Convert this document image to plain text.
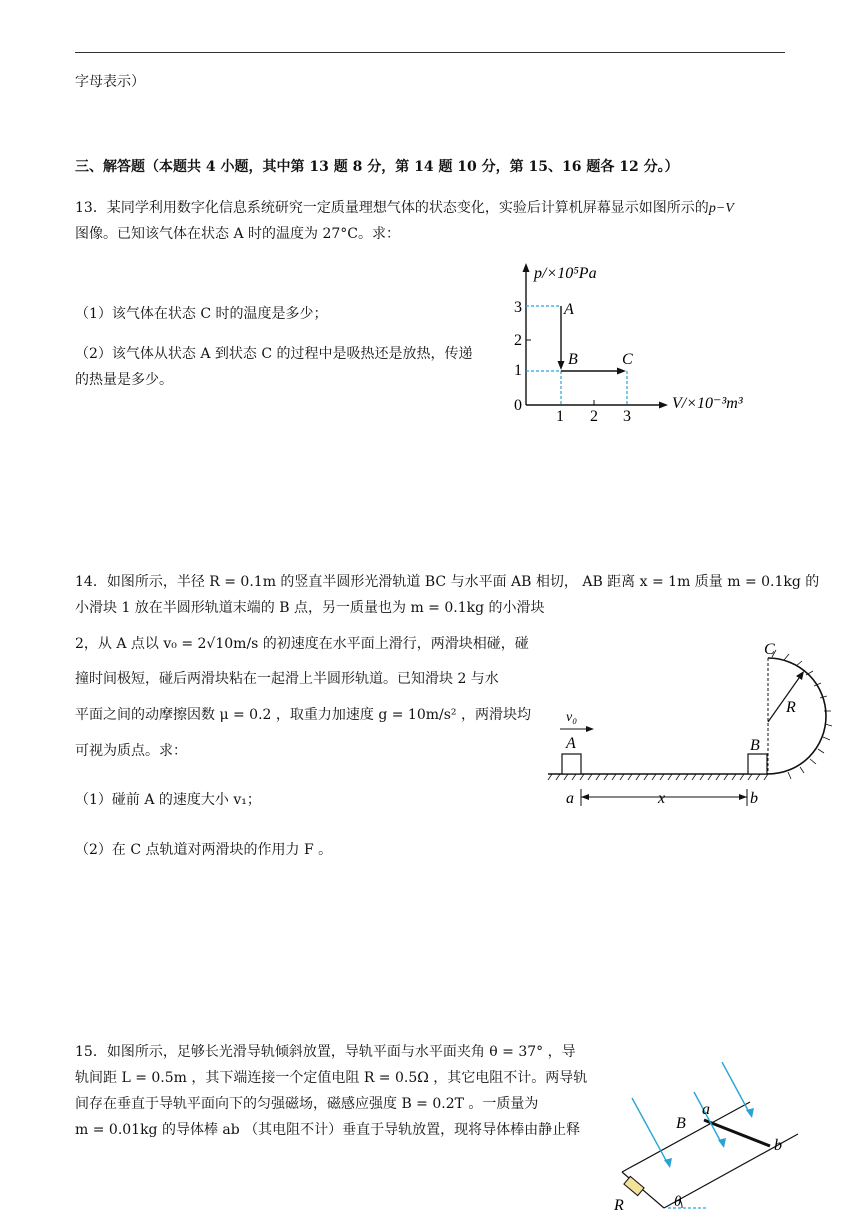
字母表示）
三、解答题（本题共 4 小题，其中第 13 题 8 分，第 14 题 10 分，第 15、16 题各 12 分。）
13．某同学利用数字化信息系统研究一定质量理想气体的状态变化，实验后计算机屏幕显示如图所示的p−V
图像。已知该气体在状态 A 时的温度为 27°C。求：
（1）该气体在状态 C 时的温度是多少；
（2）该气体从状态 A 到状态 C 的过程中是吸热还是放热，传递
的热量是多少。
p/×10⁵Pa
V/×10⁻³m³
0
1
2
3
1 2 3
A
B	C
14．如图所示，半径 R = 0.1m 的竖直半圆形光滑轨道 BC 与水平面 AB 相切， AB 距离 x = 1m 质量 m = 0.1kg 的
小滑块 1 放在半圆形轨道末端的 B 点，另一质量也为 m = 0.1kg 的小滑块
2，从 A 点以 v₀ = 2√10m/s 的初速度在水平面上滑行，两滑块相碰，碰
撞时间极短，碰后两滑块粘在一起滑上半圆形轨道。已知滑块 2 与水
平面之间的动摩擦因数 μ = 0.2 ，取重力加速度 g = 10m/s² ，两滑块均
可视为质点。求：
（1）碰前 A 的速度大小 v₁；
（2）在 C 点轨道对两滑块的作用力 F 。
C
R
v₀
A	B
a	x	b
15．如图所示，足够长光滑导轨倾斜放置，导轨平面与水平面夹角 θ = 37° ，导
轨间距 L = 0.5m ，其下端连接一个定值电阻 R = 0.5Ω ，其它电阻不计。两导轨
间存在垂直于导轨平面向下的匀强磁场，磁感应强度 B = 0.2T 。一质量为
m = 0.01kg 的导体棒 ab （其电阻不计）垂直于导轨放置，现将导体棒由静止释	B
a
b
R	θ
